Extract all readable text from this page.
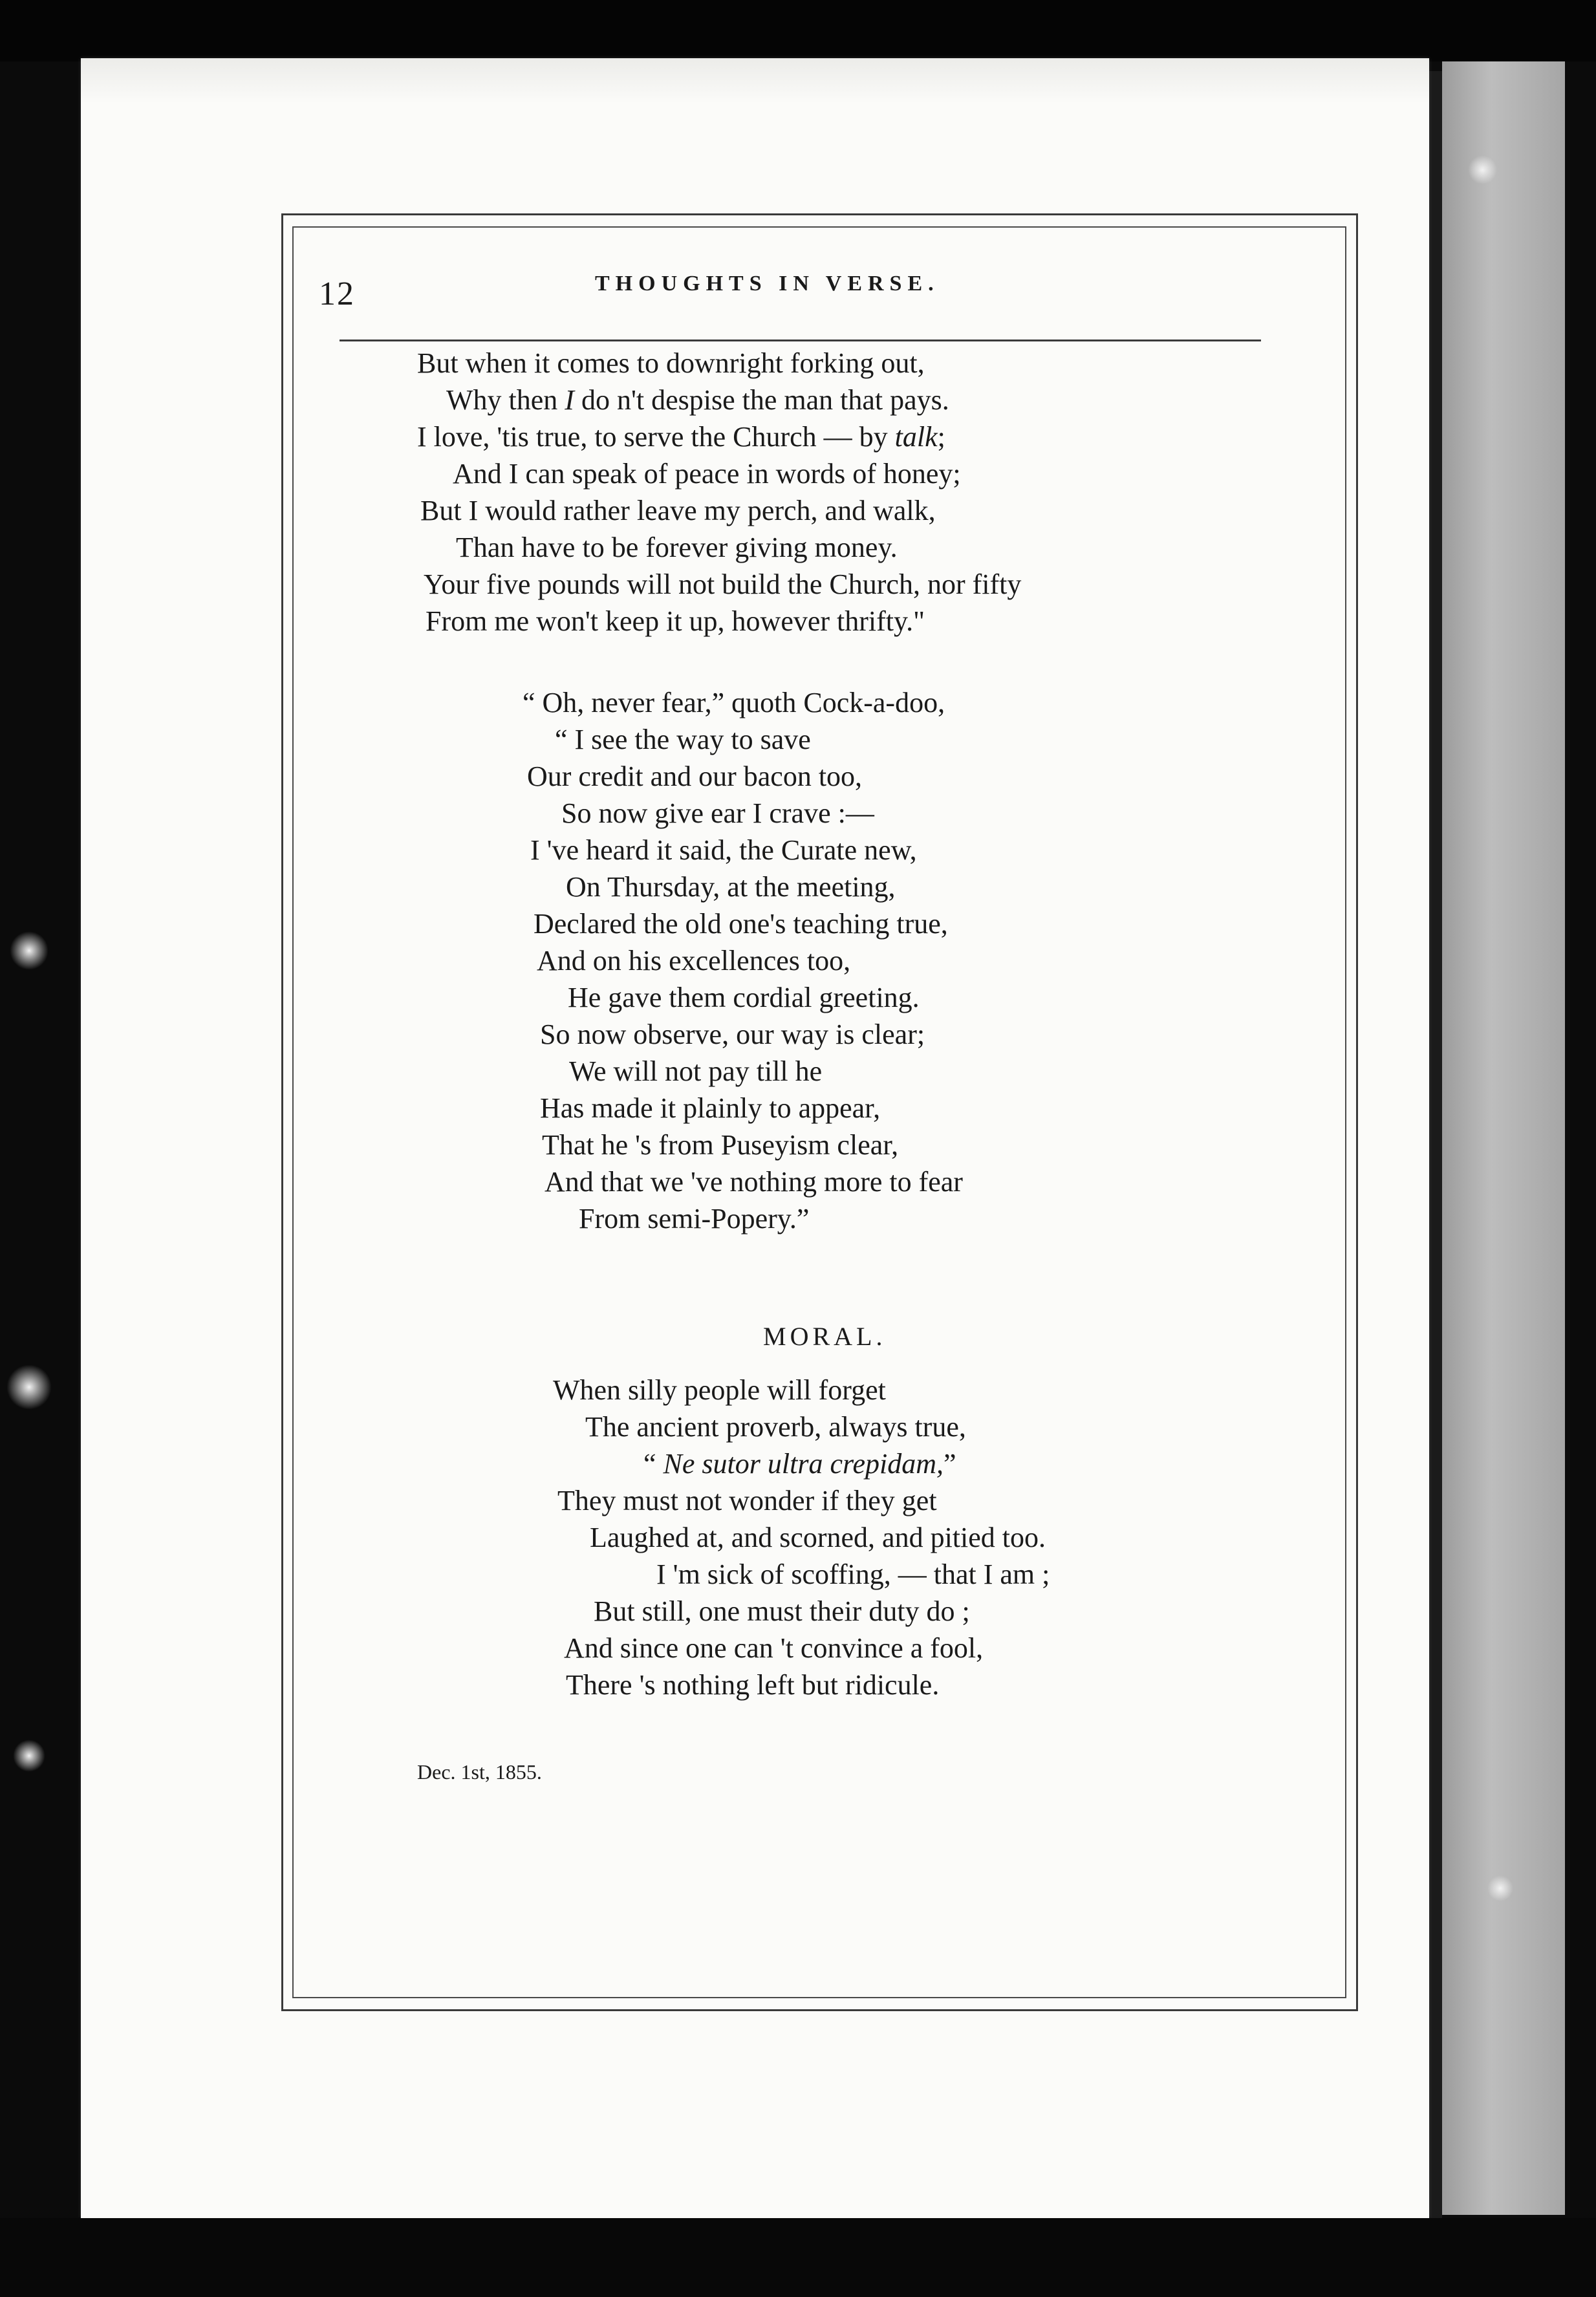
12	THOUGHTS IN VERSE.
But when it comes to downright forking out,
Why then I do n't despise the man that pays.
I love, 'tis true, to serve the Church — by talk;
And I can speak of peace in words of honey;
But I would rather leave my perch, and walk,
Than have to be forever giving money.
Your five pounds will not build the Church, nor fifty
From me won't keep it up, however thrifty."
“ Oh, never fear,” quoth Cock-a-doo,
“ I see the way to save
Our credit and our bacon too,
So now give ear I crave :—
I 've heard it said, the Curate new,
On Thursday, at the meeting,
Declared the old one's teaching true,
And on his excellences too,
He gave them cordial greeting.
So now observe, our way is clear;
We will not pay till he
Has made it plainly to appear,
That he 's from Puseyism clear,
And that we 've nothing more to fear
From semi-Popery.”
MORAL.
When silly people will forget
The ancient proverb, always true,
“ Ne sutor ultra crepidam,”
They must not wonder if they get
Laughed at, and scorned, and pitied too.
I 'm sick of scoffing, — that I am ;
But still, one must their duty do ;
And since one can 't convince a fool,
There 's nothing left but ridicule.
Dec. 1st, 1855.
